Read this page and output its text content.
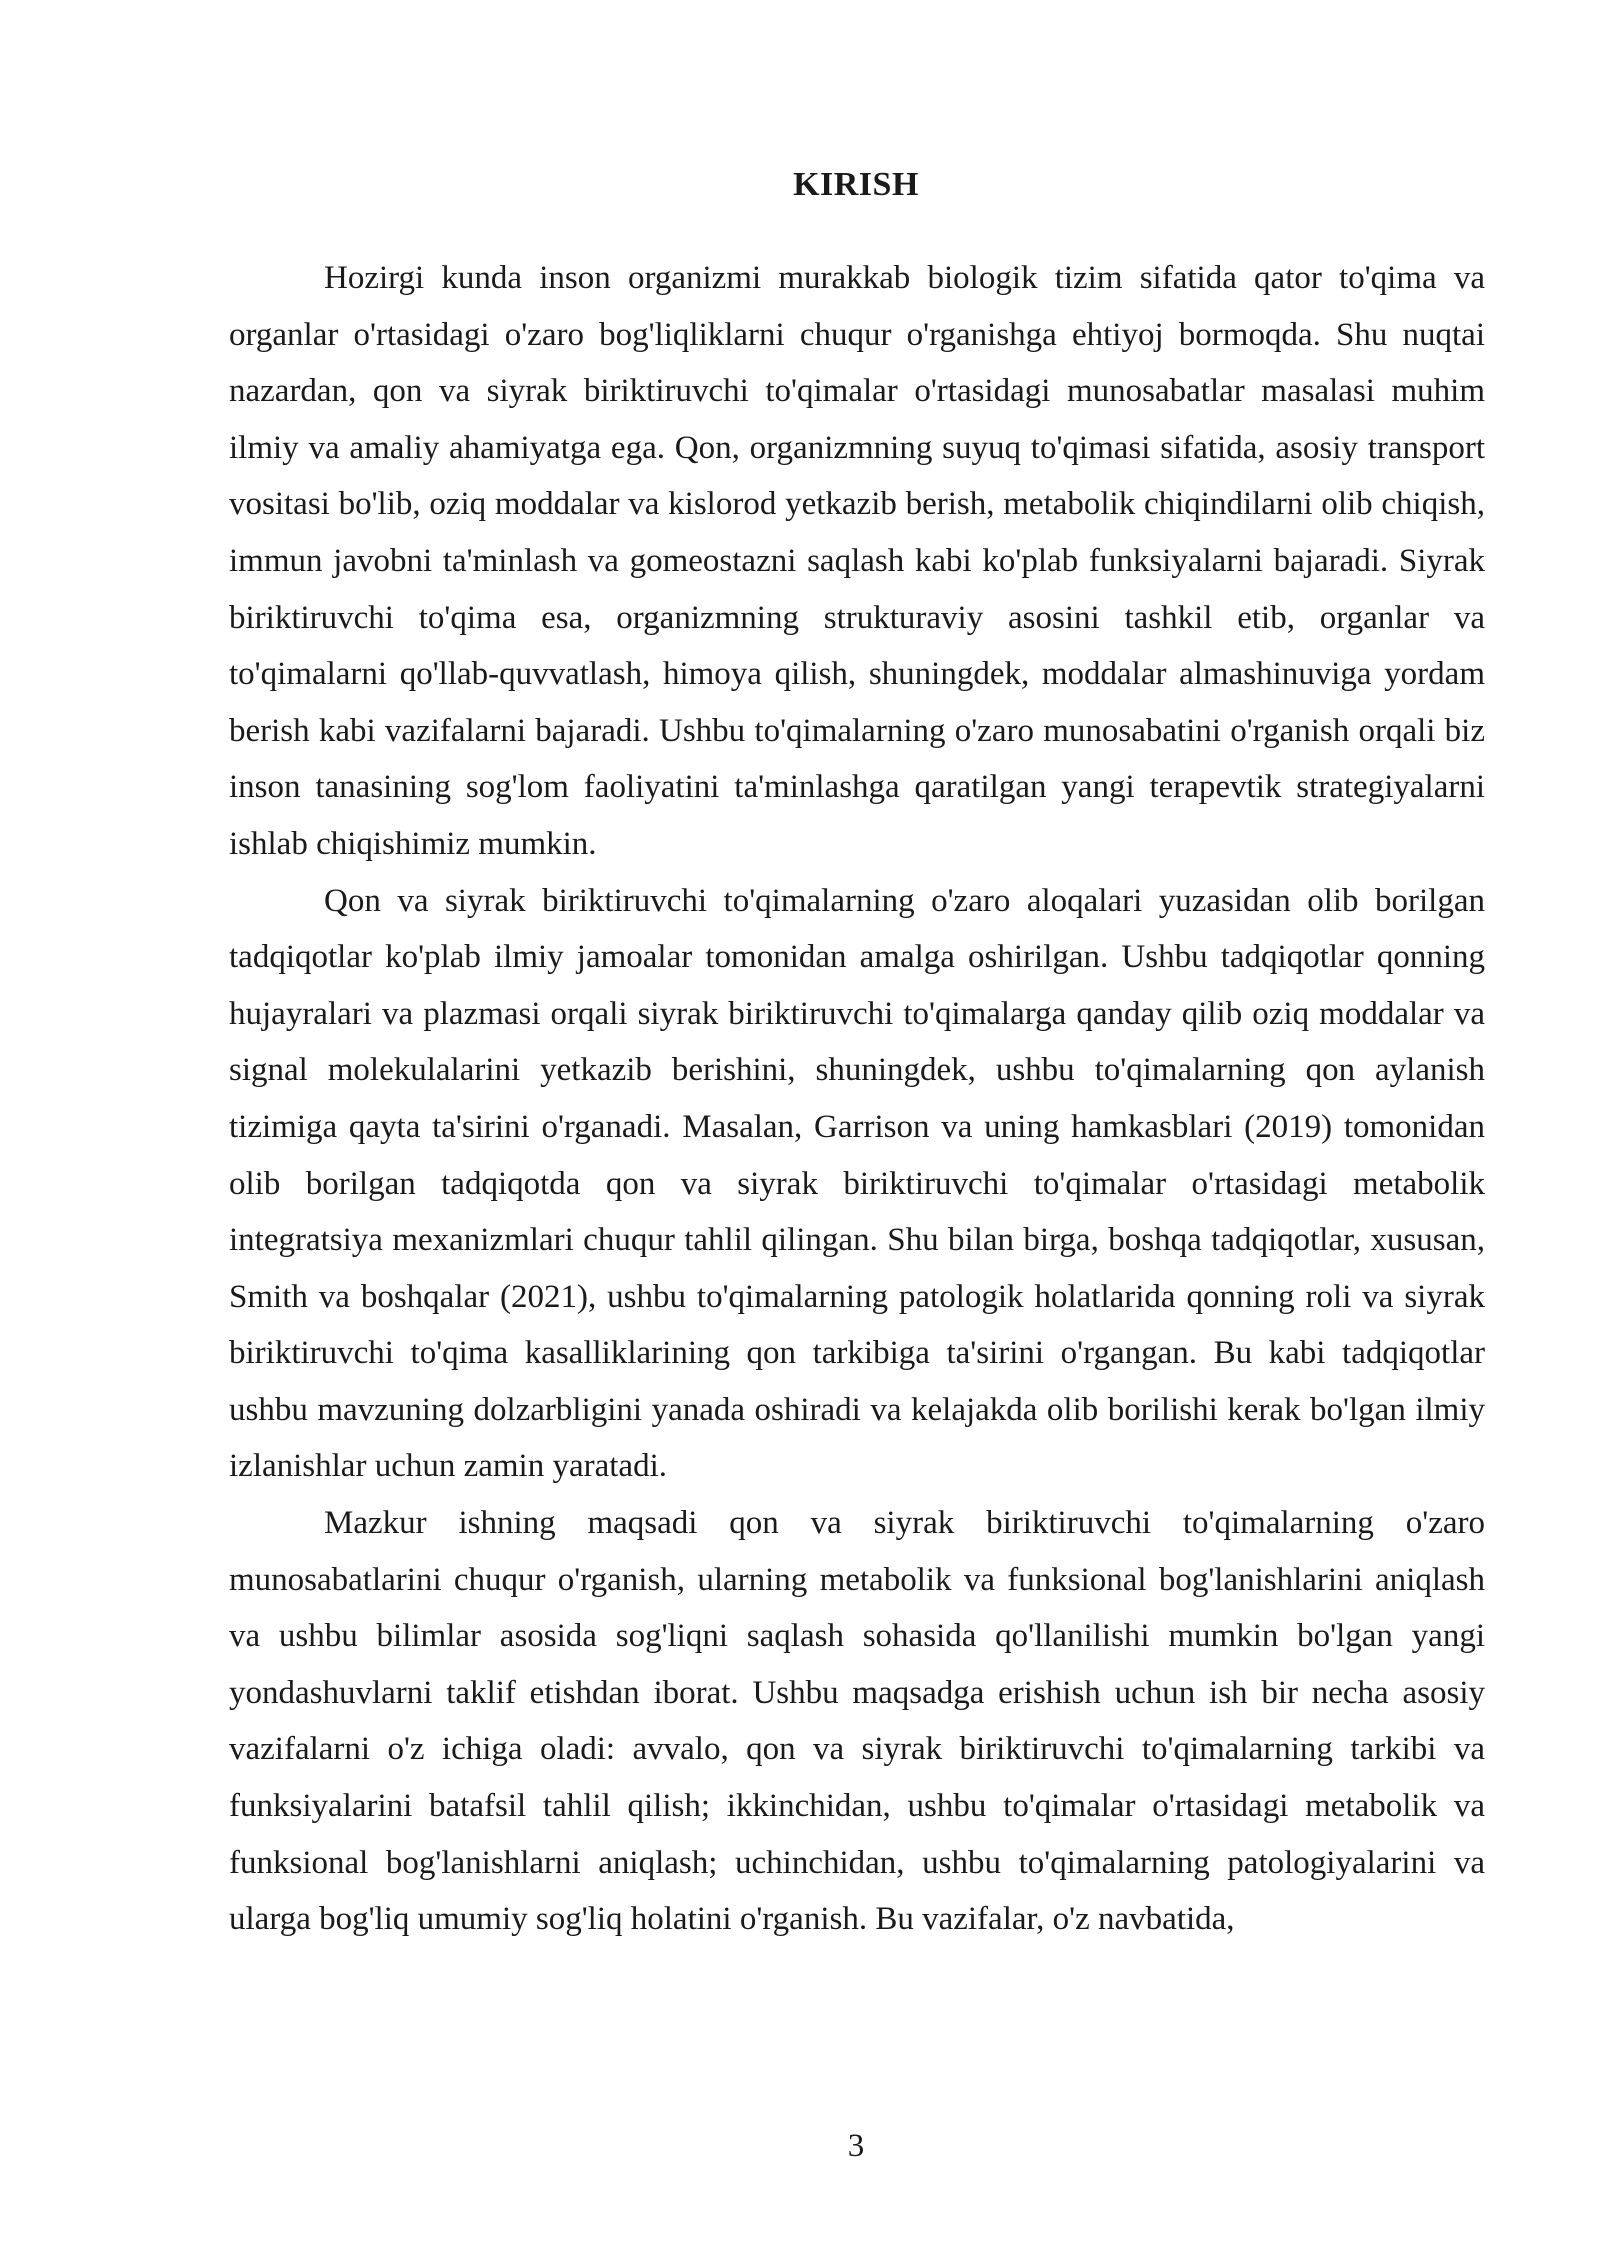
KIRISH

Hozirgi kunda inson organizmi murakkab biologik tizim sifatida qator to'qima va organlar o'rtasidagi o'zaro bog'liqliklarni chuqur o'rganishga ehtiyoj bormoqda. Shu nuqtai nazardan, qon va siyrak biriktiruvchi to'qimalar o'rtasidagi munosabatlar masalasi muhim ilmiy va amaliy ahamiyatga ega. Qon, organizmning suyuq to'qimasi sifatida, asosiy transport vositasi bo'lib, oziq moddalar va kislorod yetkazib berish, metabolik chiqindilarni olib chiqish, immun javobni ta'minlash va gomeostazni saqlash kabi ko'plab funksiyalarni bajaradi. Siyrak biriktiruvchi to'qima esa, organizmning strukturaviy asosini tashkil etib, organlar va to'qimalarni qo'llab-quvvatlash, himoya qilish, shuningdek, moddalar almashinuviga yordam berish kabi vazifalarni bajaradi. Ushbu to'qimalarning o'zaro munosabatini o'rganish orqali biz inson tanasining sog'lom faoliyatini ta'minlashga qaratilgan yangi terapevtik strategiyalarni ishlab chiqishimiz mumkin.

Qon va siyrak biriktiruvchi to'qimalarning o'zaro aloqalari yuzasidan olib borilgan tadqiqotlar ko'plab ilmiy jamoalar tomonidan amalga oshirilgan. Ushbu tadqiqotlar qonning hujayralari va plazmasi orqali siyrak biriktiruvchi to'qimalarga qanday qilib oziq moddalar va signal molekulalarini yetkazib berishini, shuningdek, ushbu to'qimalarning qon aylanish tizimiga qayta ta'sirini o'rganadi. Masalan, Garrison va uning hamkasblari (2019) tomonidan olib borilgan tadqiqotda qon va siyrak biriktiruvchi to'qimalar o'rtasidagi metabolik integratsiya mexanizmlari chuqur tahlil qilingan. Shu bilan birga, boshqa tadqiqotlar, xususan, Smith va boshqalar (2021), ushbu to'qimalarning patologik holatlarida qonning roli va siyrak biriktiruvchi to'qima kasalliklarining qon tarkibiga ta'sirini o'rgangan. Bu kabi tadqiqotlar ushbu mavzuning dolzarbligini yanada oshiradi va kelajakda olib borilishi kerak bo'lgan ilmiy izlanishlar uchun zamin yaratadi.

Mazkur ishning maqsadi qon va siyrak biriktiruvchi to'qimalarning o'zaro munosabatlarini chuqur o'rganish, ularning metabolik va funksional bog'lanishlarini aniqlash va ushbu bilimlar asosida sog'liqni saqlash sohasida qo'llanilishi mumkin bo'lgan yangi yondashuvlarni taklif etishdan iborat. Ushbu maqsadga erishish uchun ish bir necha asosiy vazifalarni o'z ichiga oladi: avvalo, qon va siyrak biriktiruvchi to'qimalarning tarkibi va funksiyalarini batafsil tahlil qilish; ikkinchidan, ushbu to'qimalar o'rtasidagi metabolik va funksional bog'lanishlarni aniqlash; uchinchidan, ushbu to'qimalarning patologiyalarini va ularga bog'liq umumiy sog'liq holatini o'rganish. Bu vazifalar, o'z navbatida,

3
